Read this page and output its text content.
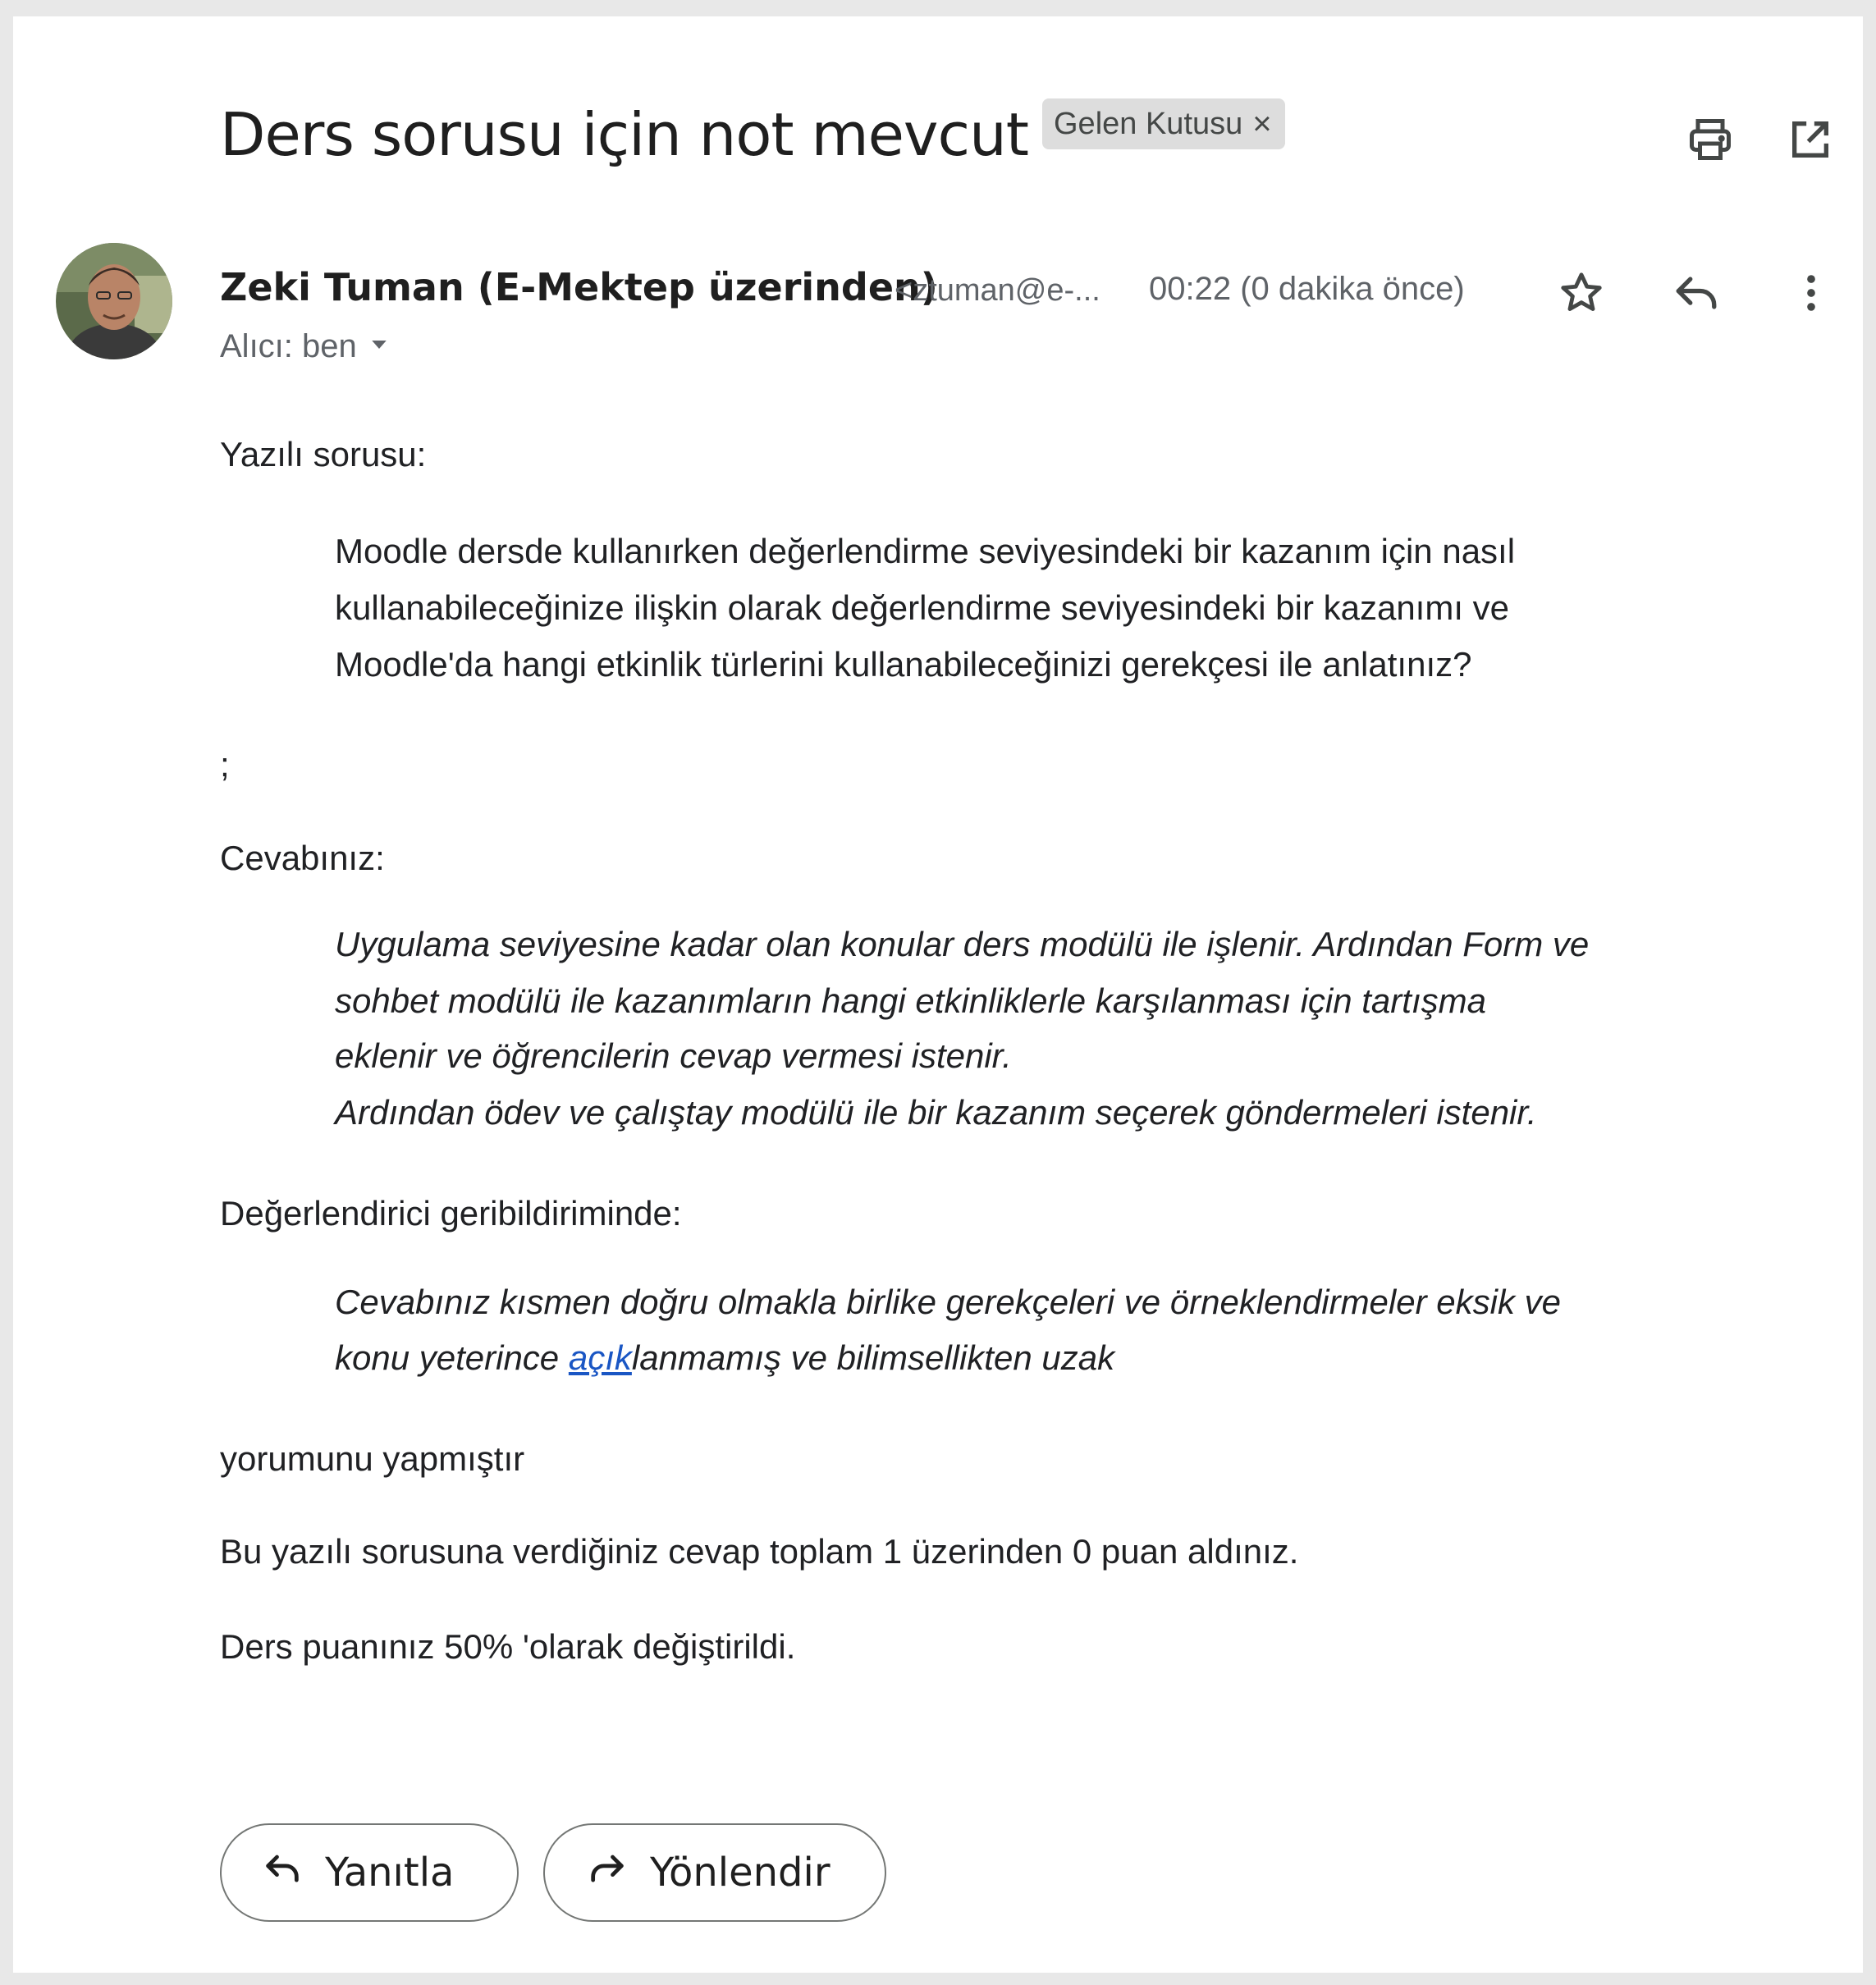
Ders sorusu için not mevcut Gelen Kutusu ×
Zeki Tuman (E-Mektep üzerinden)
<ztuman@e-... 00:22 (0 dakika önce)
Alıcı: ben
Yazılı sorusu:
Moodle dersde kullanırken değerlendirme seviyesindeki bir kazanım için nasıl
kullanabileceğinize ilişkin olarak değerlendirme seviyesindeki bir kazanımı ve
Moodle'da hangi etkinlik türlerini kullanabileceğinizi gerekçesi ile anlatınız?
;
Cevabınız:
Uygulama seviyesine kadar olan konular ders modülü ile işlenir. Ardından Form ve
sohbet modülü ile kazanımların hangi etkinliklerle karşılanması için tartışma
eklenir ve öğrencilerin cevap vermesi istenir.
Ardından ödev ve çalıştay modülü ile bir kazanım seçerek göndermeleri istenir.
Değerlendirici geribildiriminde:
Cevabınız kısmen doğru olmakla birlike gerekçeleri ve örneklendirmeler eksik ve
konu yeterince açıklanmamış ve bilimsellikten uzak
yorumunu yapmıştır
Bu yazılı sorusuna verdiğiniz cevap toplam 1 üzerinden 0 puan aldınız.
Ders puanınız 50% 'olarak değiştirildi.
Yanıtla	Yönlendir
